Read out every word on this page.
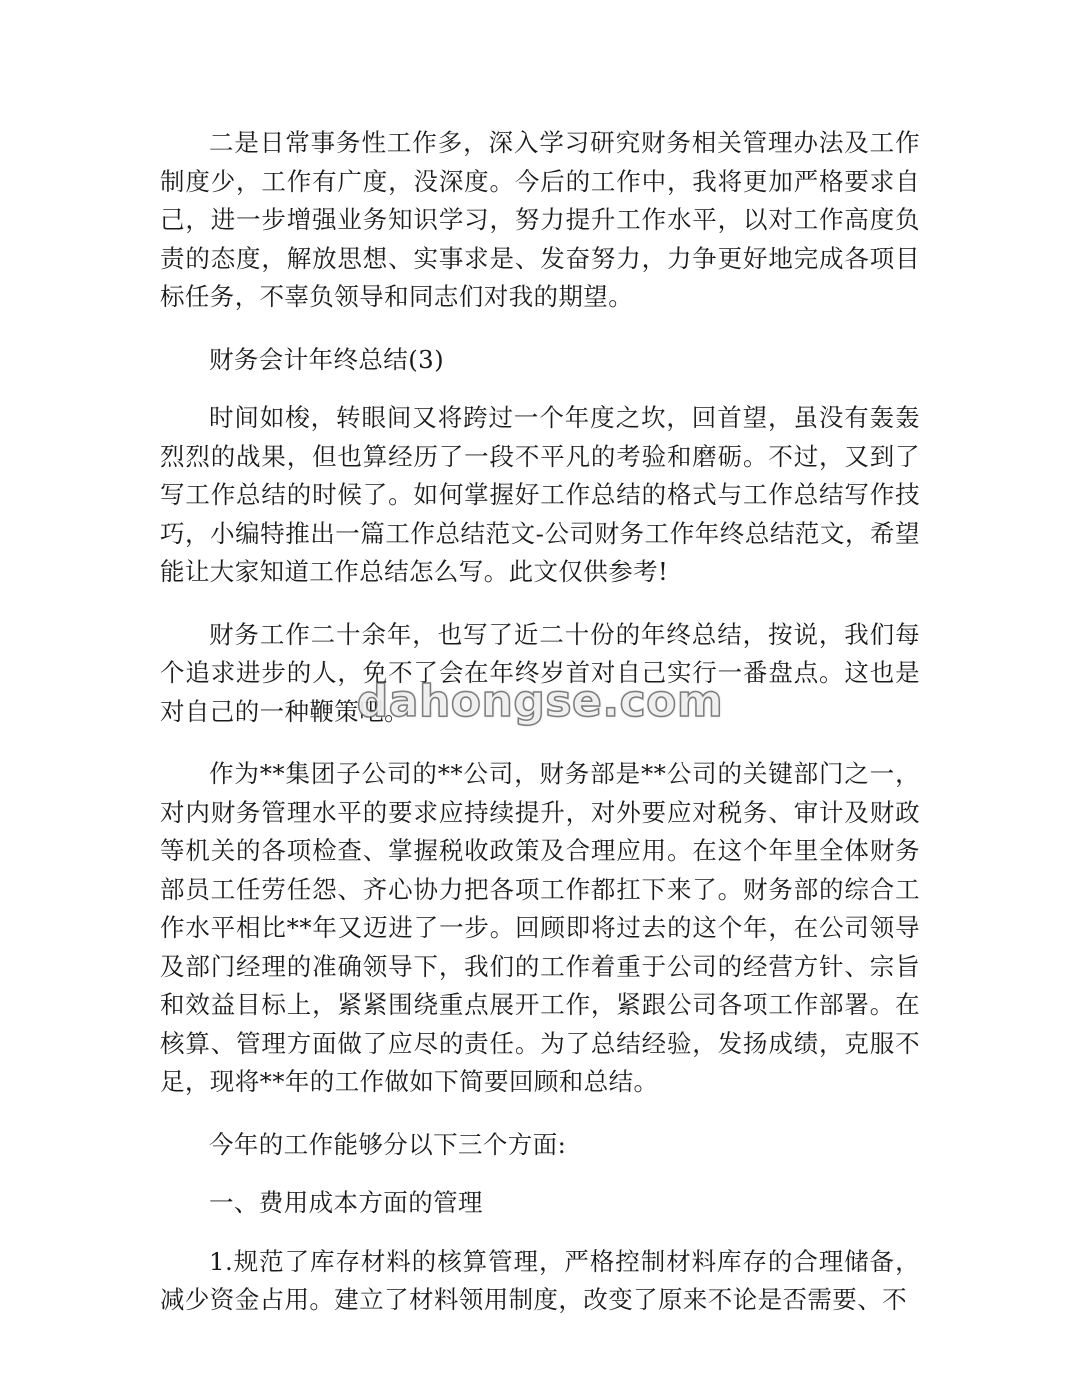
二是日常事务性工作多，深入学习研究财务相关管理办法及工作制度少，工作有广度，没深度。今后的工作中，我将更加严格要求自己，进一步增强业务知识学习，努力提升工作水平，以对工作高度负责的态度，解放思想、实事求是、发奋努力，力争更好地完成各项目标任务，不辜负领导和同志们对我的期望。

财务会计年终总结(3)

时间如梭，转眼间又将跨过一个年度之坎，回首望，虽没有轰轰烈烈的战果，但也算经历了一段不平凡的考验和磨砺。不过，又到了写工作总结的时候了。如何掌握好工作总结的格式与工作总结写作技巧，小编特推出一篇工作总结范文-公司财务工作年终总结范文，希望能让大家知道工作总结怎么写。此文仅供参考!

财务工作二十余年，也写了近二十份的年终总结，按说，我们每个追求进步的人，免不了会在年终岁首对自己实行一番盘点。这也是对自己的一种鞭策吧。

作为**集团子公司的**公司，财务部是**公司的关键部门之一，对内财务管理水平的要求应持续提升，对外要应对税务、审计及财政等机关的各项检查、掌握税收政策及合理应用。在这个年里全体财务部员工任劳任怨、齐心协力把各项工作都扛下来了。财务部的综合工作水平相比**年又迈进了一步。回顾即将过去的这个年，在公司领导及部门经理的准确领导下，我们的工作着重于公司的经营方针、宗旨和效益目标上，紧紧围绕重点展开工作，紧跟公司各项工作部署。在核算、管理方面做了应尽的责任。为了总结经验，发扬成绩，克服不足，现将**年的工作做如下简要回顾和总结。

今年的工作能够分以下三个方面:

一、费用成本方面的管理

1.规范了库存材料的核算管理，严格控制材料库存的合理储备，减少资金占用。建立了材料领用制度，改变了原来不论是否需要、不

dahongse.com
